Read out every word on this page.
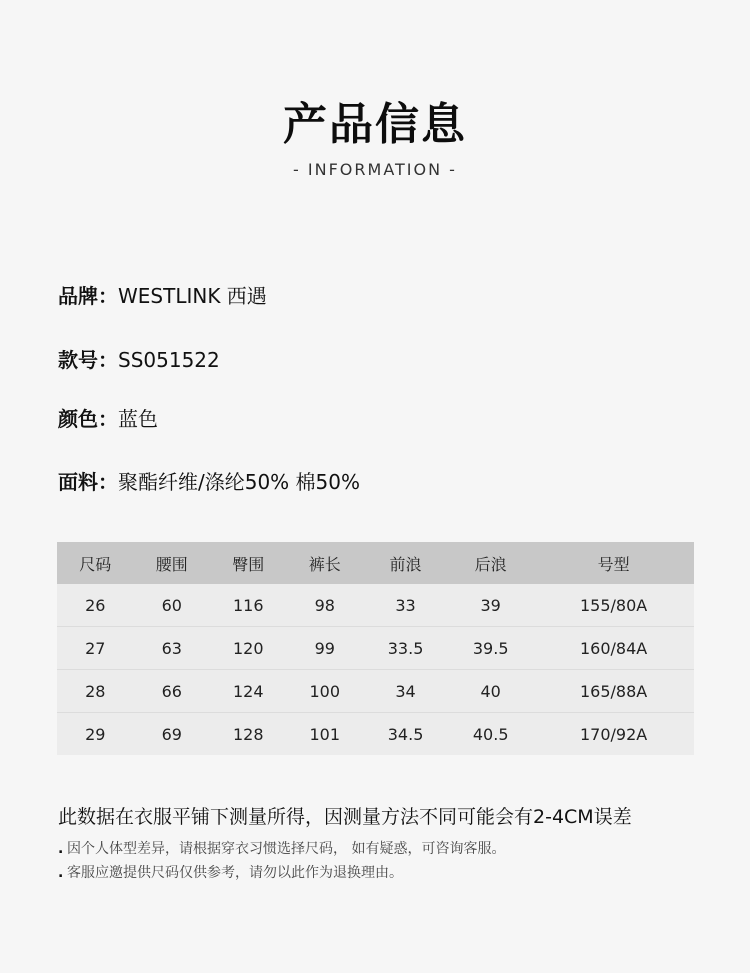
产品信息
- INFORMATION -
品牌：WESTLINK 西遇
款号：SS051522
颜色：蓝色
面料：聚酯纤维/涤纶50% 棉50%
尺码	腰围	臀围	裤长	前浪	后浪	号型
26	60	116	98	33	39	155/80A
27	63	120	99	33.5	39.5	160/84A
28	66	124	100	34	40	165/88A
29	69	128	101	34.5	40.5	170/92A
此数据在衣服平铺下测量所得，因测量方法不同可能会有2-4CM误差
. 因个人体型差异，请根据穿衣习惯选择尺码， 如有疑惑，可咨询客服。
. 客服应邀提供尺码仅供参考，请勿以此作为退换理由。
